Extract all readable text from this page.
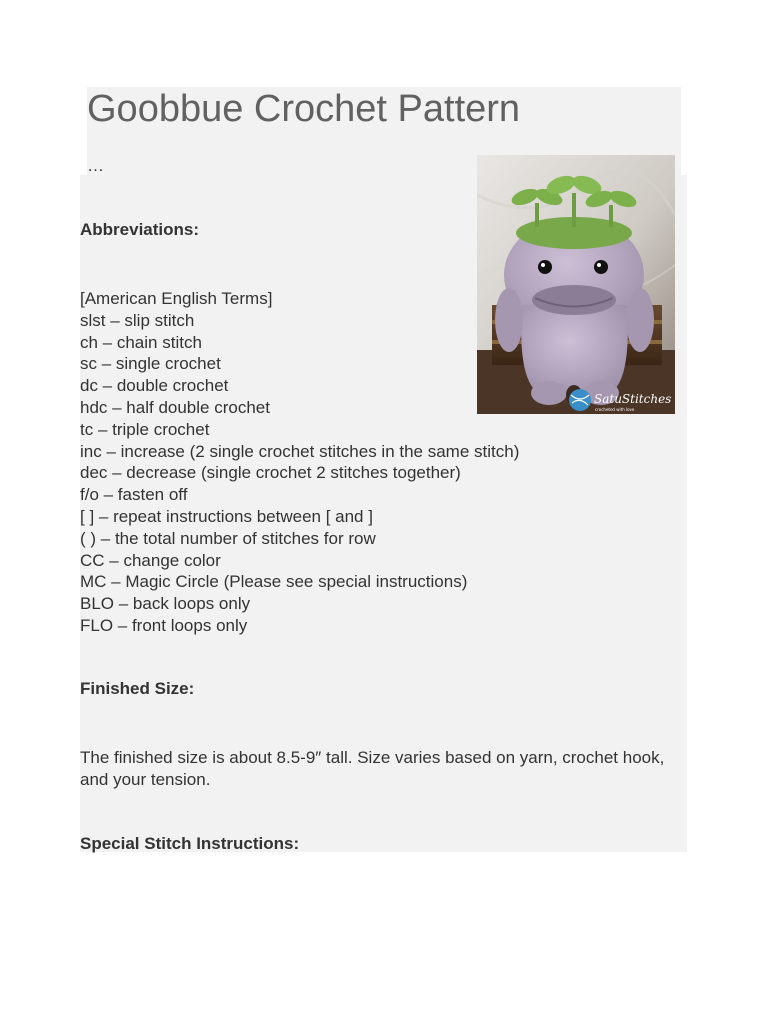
Goobbue Crochet Pattern
…
SatuStitches
crocheted with love
Abbreviations:
[American English Terms]
slst – slip stitch
ch – chain stitch
sc – single crochet
dc – double crochet
hdc – half double crochet
tc – triple crochet
inc – increase (2 single crochet stitches in the same stitch)
dec – decrease (single crochet 2 stitches together)
f/o – fasten off
[ ] – repeat instructions between [ and ]
( ) – the total number of stitches for row
CC – change color
MC – Magic Circle (Please see special instructions)
BLO – back loops only
FLO – front loops only
Finished Size:
The finished size is about 8.5-9″ tall. Size varies based on yarn, crochet hook, and your tension.
Special Stitch Instructions:
